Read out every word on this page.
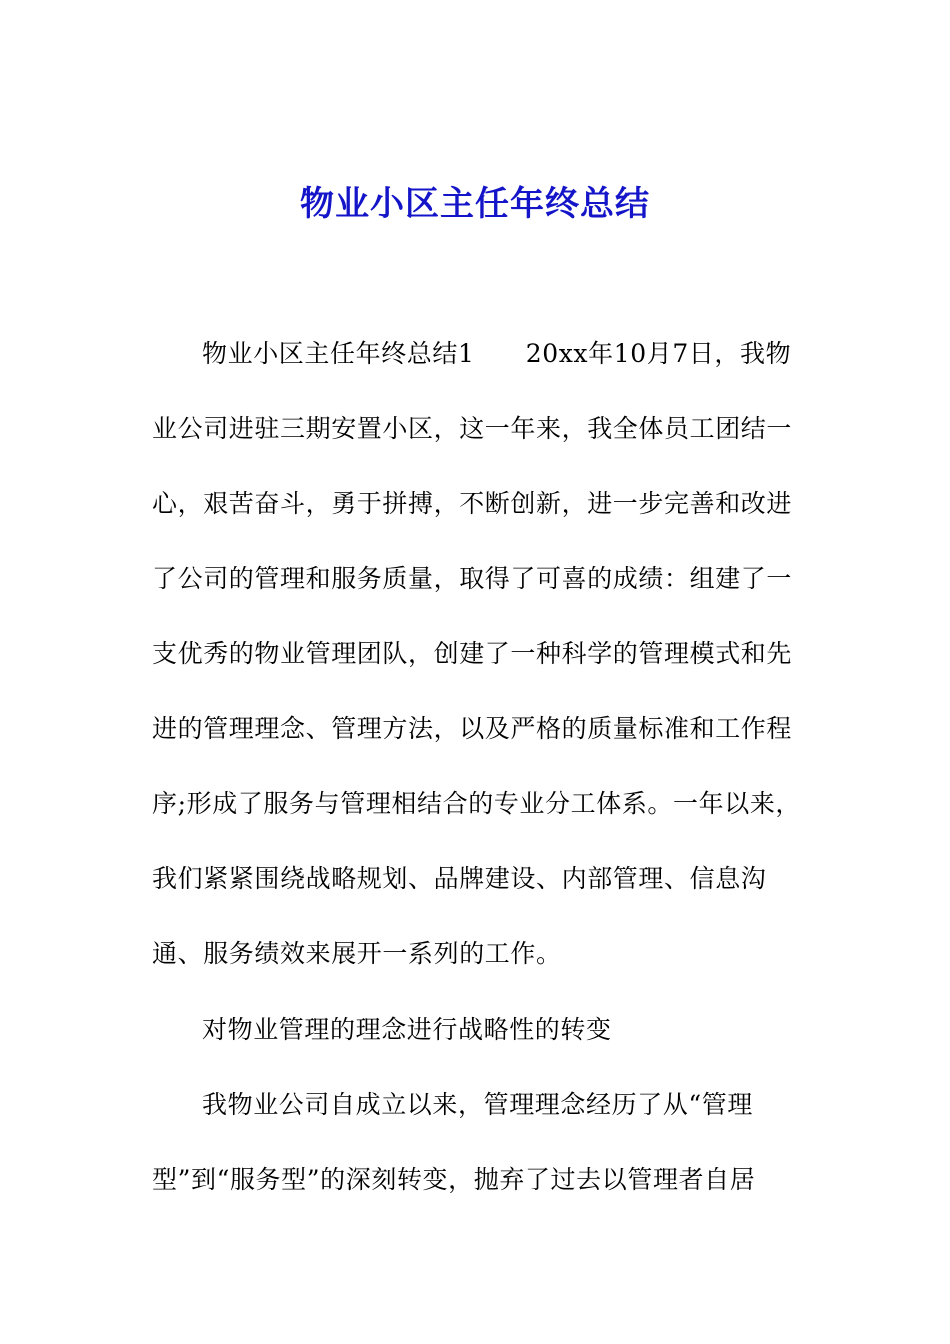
物业小区主任年终总结
物业小区主任年终总结1　　20xx年10月7日，我物
业公司进驻三期安置小区，这一年来，我全体员工团结一
心，艰苦奋斗，勇于拼搏，不断创新，进一步完善和改进
了公司的管理和服务质量，取得了可喜的成绩：组建了一
支优秀的物业管理团队，创建了一种科学的管理模式和先
进的管理理念、管理方法，以及严格的质量标准和工作程
序;形成了服务与管理相结合的专业分工体系。一年以来，
我们紧紧围绕战略规划、品牌建设、内部管理、信息沟
通、服务绩效来展开一系列的工作。
对物业管理的理念进行战略性的转变
我物业公司自成立以来，管理理念经历了从“管理
型”到“服务型”的深刻转变，抛弃了过去以管理者自居
